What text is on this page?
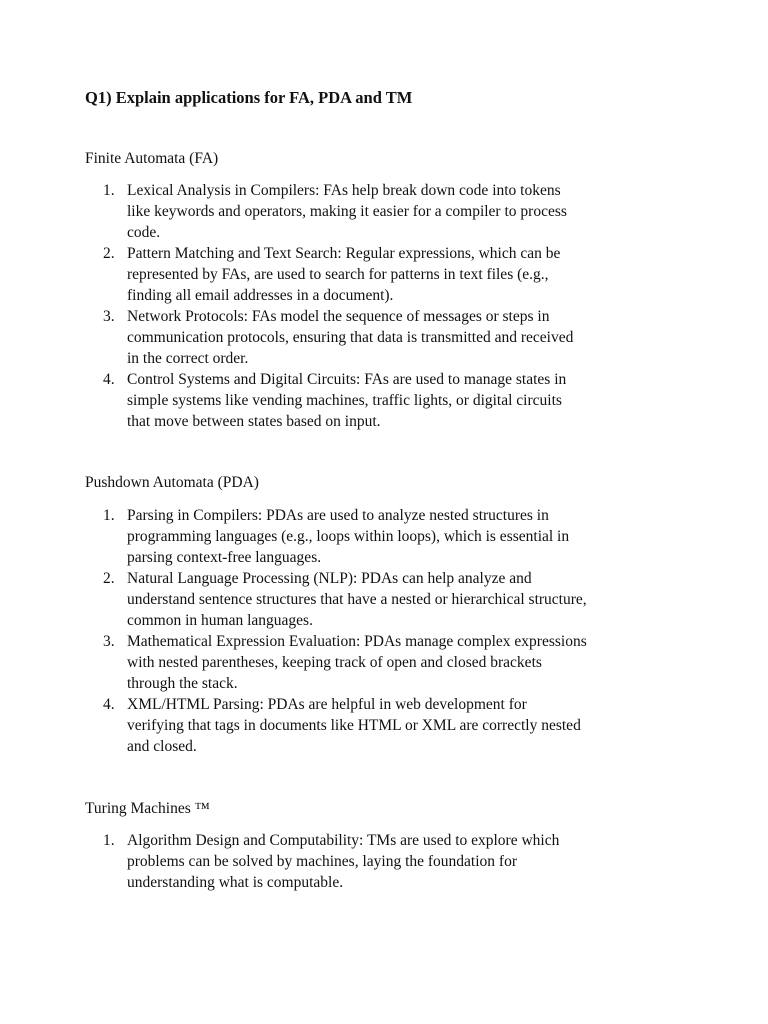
Q1) Explain applications for FA, PDA and TM
Finite Automata (FA)
1. Lexical Analysis in Compilers: FAs help break down code into tokens
like keywords and operators, making it easier for a compiler to process
code.
2. Pattern Matching and Text Search: Regular expressions, which can be
represented by FAs, are used to search for patterns in text files (e.g.,
finding all email addresses in a document).
3. Network Protocols: FAs model the sequence of messages or steps in
communication protocols, ensuring that data is transmitted and received
in the correct order.
4. Control Systems and Digital Circuits: FAs are used to manage states in
simple systems like vending machines, traffic lights, or digital circuits
that move between states based on input.
Pushdown Automata (PDA)
1. Parsing in Compilers: PDAs are used to analyze nested structures in
programming languages (e.g., loops within loops), which is essential in
parsing context-free languages.
2. Natural Language Processing (NLP): PDAs can help analyze and
understand sentence structures that have a nested or hierarchical structure,
common in human languages.
3. Mathematical Expression Evaluation: PDAs manage complex expressions
with nested parentheses, keeping track of open and closed brackets
through the stack.
4. XML/HTML Parsing: PDAs are helpful in web development for
verifying that tags in documents like HTML or XML are correctly nested
and closed.
Turing Machines ™
1. Algorithm Design and Computability: TMs are used to explore which
problems can be solved by machines, laying the foundation for
understanding what is computable.
